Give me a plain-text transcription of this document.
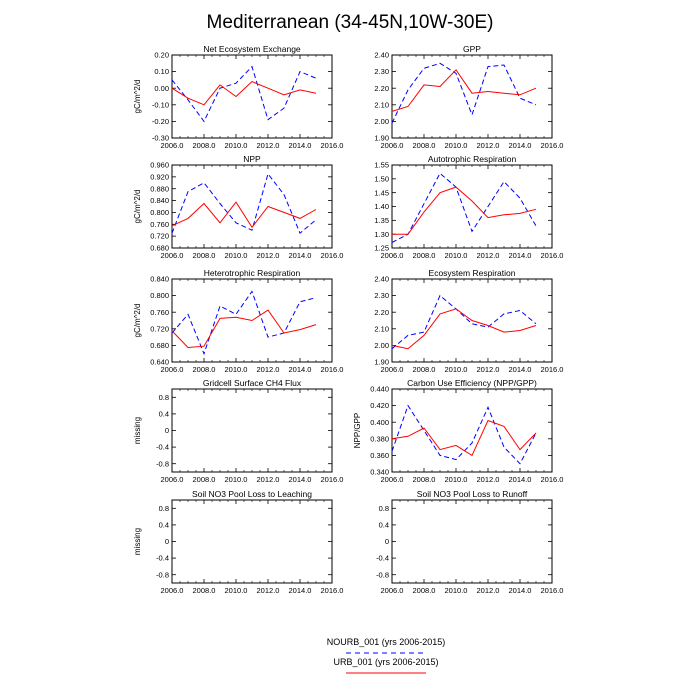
Mediterranean (34-45N,10W-30E)
Net Ecosystem Exchange
2006.0 2008.0 2010.0 2012.0 2014.0 2016.0
-0.30
-0.20
-0.10
0.00
0.10
0.20
gC/m^2/d
GPP
2006.0 2008.0 2010.0 2012.0 2014.0 2016.0
1.90
2.00
2.10
2.20
2.30
2.40
NPP
2006.0 2008.0 2010.0 2012.0 2014.0 2016.0
0.680
0.720
0.760
0.800
0.840
0.880
0.920
0.960
gC/m^2/d
Autotrophic Respiration
2006.0 2008.0 2010.0 2012.0 2014.0 2016.0
1.25
1.30
1.35
1.40
1.45
1.50
1.55
Heterotrophic Respiration
2006.0 2008.0 2010.0 2012.0 2014.0 2016.0
0.640
0.680
0.720
0.760
0.800
0.840
gC/m^2/d
Ecosystem Respiration
2006.0 2008.0 2010.0 2012.0 2014.0 2016.0
1.90
2.00
2.10
2.20
2.30
2.40
Gridcell Surface CH4 Flux
2006.0 2008.0 2010.0 2012.0 2014.0 2016.0
-0.8
-0.4
0
0.4
0.8
missing
Carbon Use Efficiency (NPP/GPP)
2006.0 2008.0 2010.0 2012.0 2014.0 2016.0
0.340
0.360
0.380
0.400
0.420
0.440
NPP/GPP
Soil NO3 Pool Loss to Leaching
2006.0 2008.0 2010.0 2012.0 2014.0 2016.0
-0.8
-0.4
0
0.4
0.8
missing
Soil NO3 Pool Loss to Runoff
2006.0 2008.0 2010.0 2012.0 2014.0 2016.0
-0.8
-0.4
0
0.4
0.8
NOURB_001 (yrs 2006-2015)
URB_001 (yrs 2006-2015)
